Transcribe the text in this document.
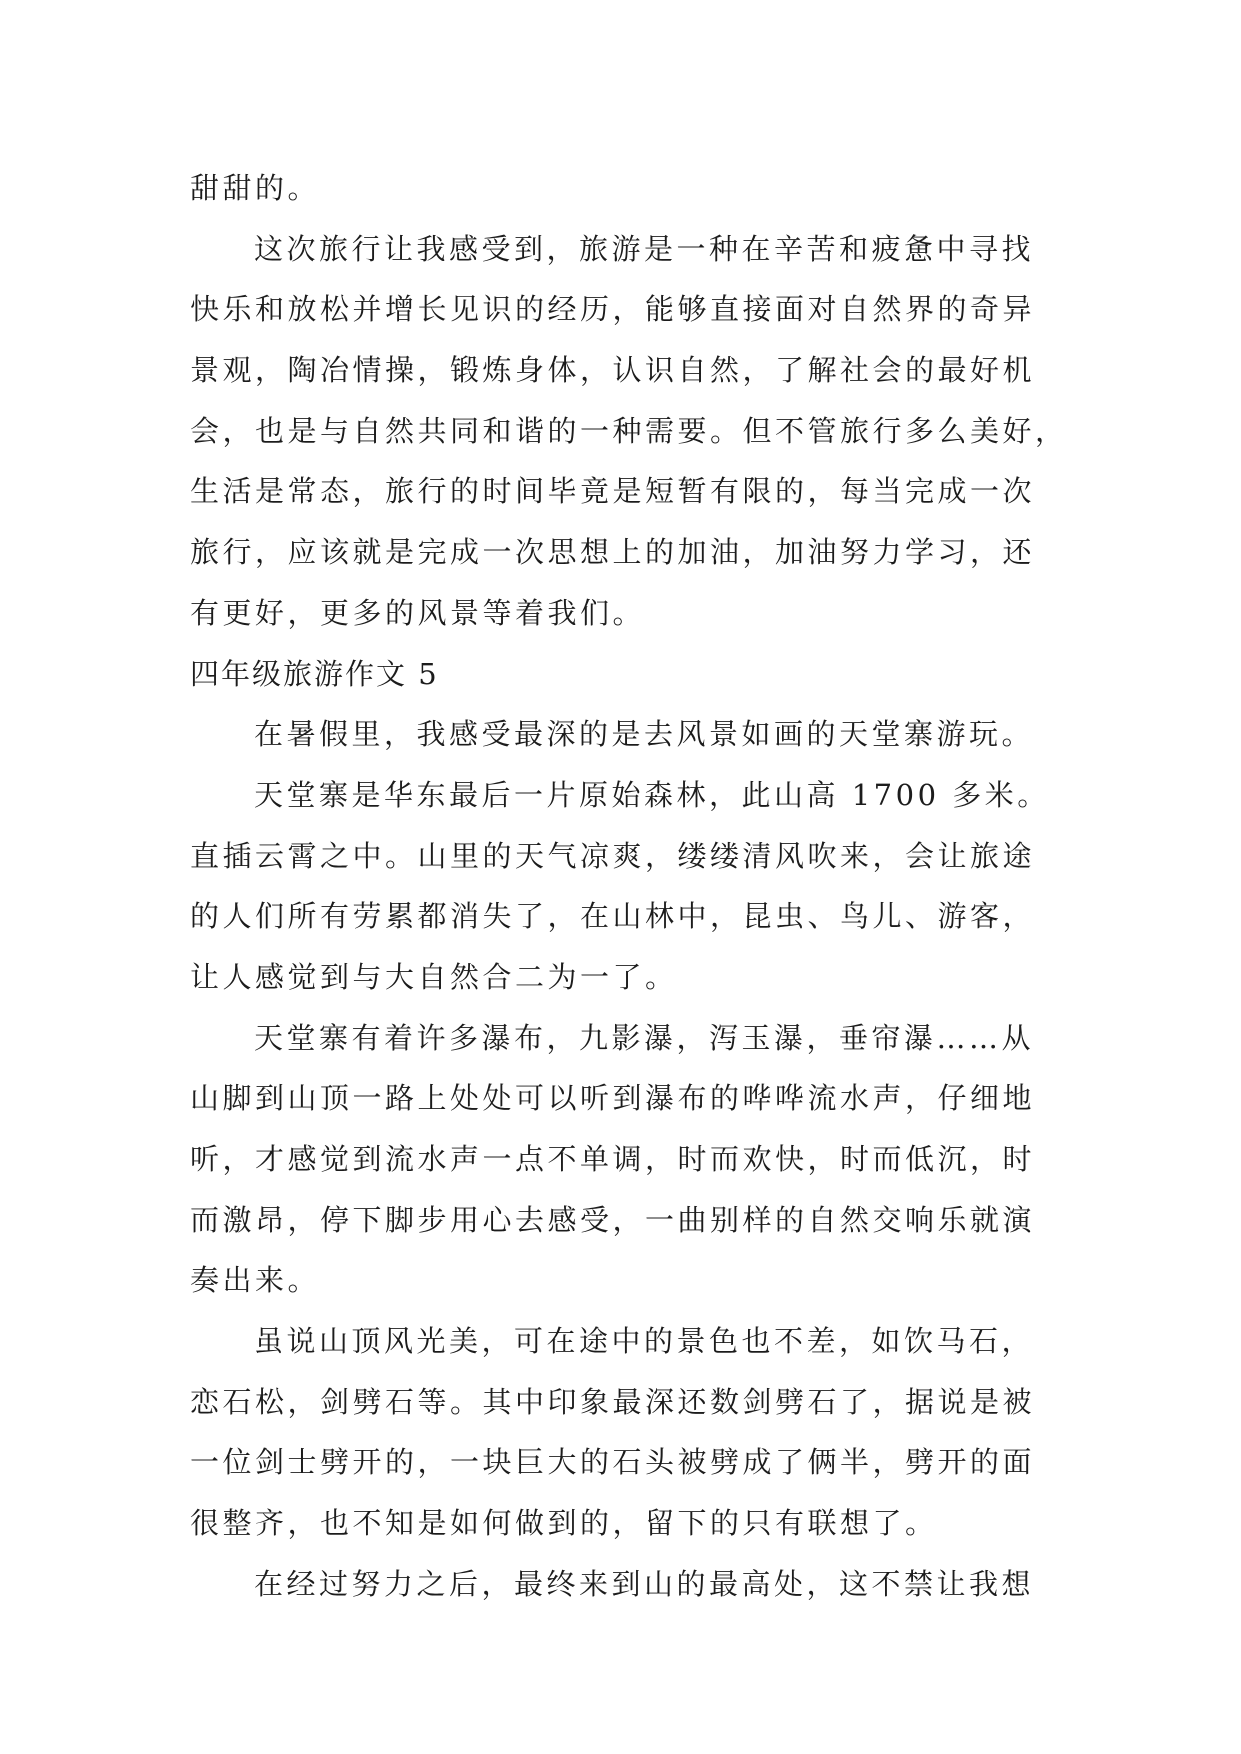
甜甜的。
这次旅行让我感受到，旅游是一种在辛苦和疲惫中寻找
快乐和放松并增长见识的经历，能够直接面对自然界的奇异
景观，陶冶情操，锻炼身体，认识自然，了解社会的最好机
会，也是与自然共同和谐的一种需要。但不管旅行多么美好，
生活是常态，旅行的时间毕竟是短暂有限的，每当完成一次
旅行，应该就是完成一次思想上的加油，加油努力学习，还
有更好，更多的风景等着我们。
四年级旅游作文 5
在暑假里，我感受最深的是去风景如画的天堂寨游玩。
天堂寨是华东最后一片原始森林，此山高 1700 多米。
直插云霄之中。山里的天气凉爽，缕缕清风吹来，会让旅途
的人们所有劳累都消失了，在山林中，昆虫、鸟儿、游客，
让人感觉到与大自然合二为一了。
天堂寨有着许多瀑布，九影瀑，泻玉瀑，垂帘瀑……从
山脚到山顶一路上处处可以听到瀑布的哗哗流水声，仔细地
听，才感觉到流水声一点不单调，时而欢快，时而低沉，时
而激昂，停下脚步用心去感受，一曲别样的自然交响乐就演
奏出来。
虽说山顶风光美，可在途中的景色也不差，如饮马石，
恋石松，剑劈石等。其中印象最深还数剑劈石了，据说是被
一位剑士劈开的，一块巨大的石头被劈成了俩半，劈开的面
很整齐，也不知是如何做到的，留下的只有联想了。
在经过努力之后，最终来到山的最高处，这不禁让我想
